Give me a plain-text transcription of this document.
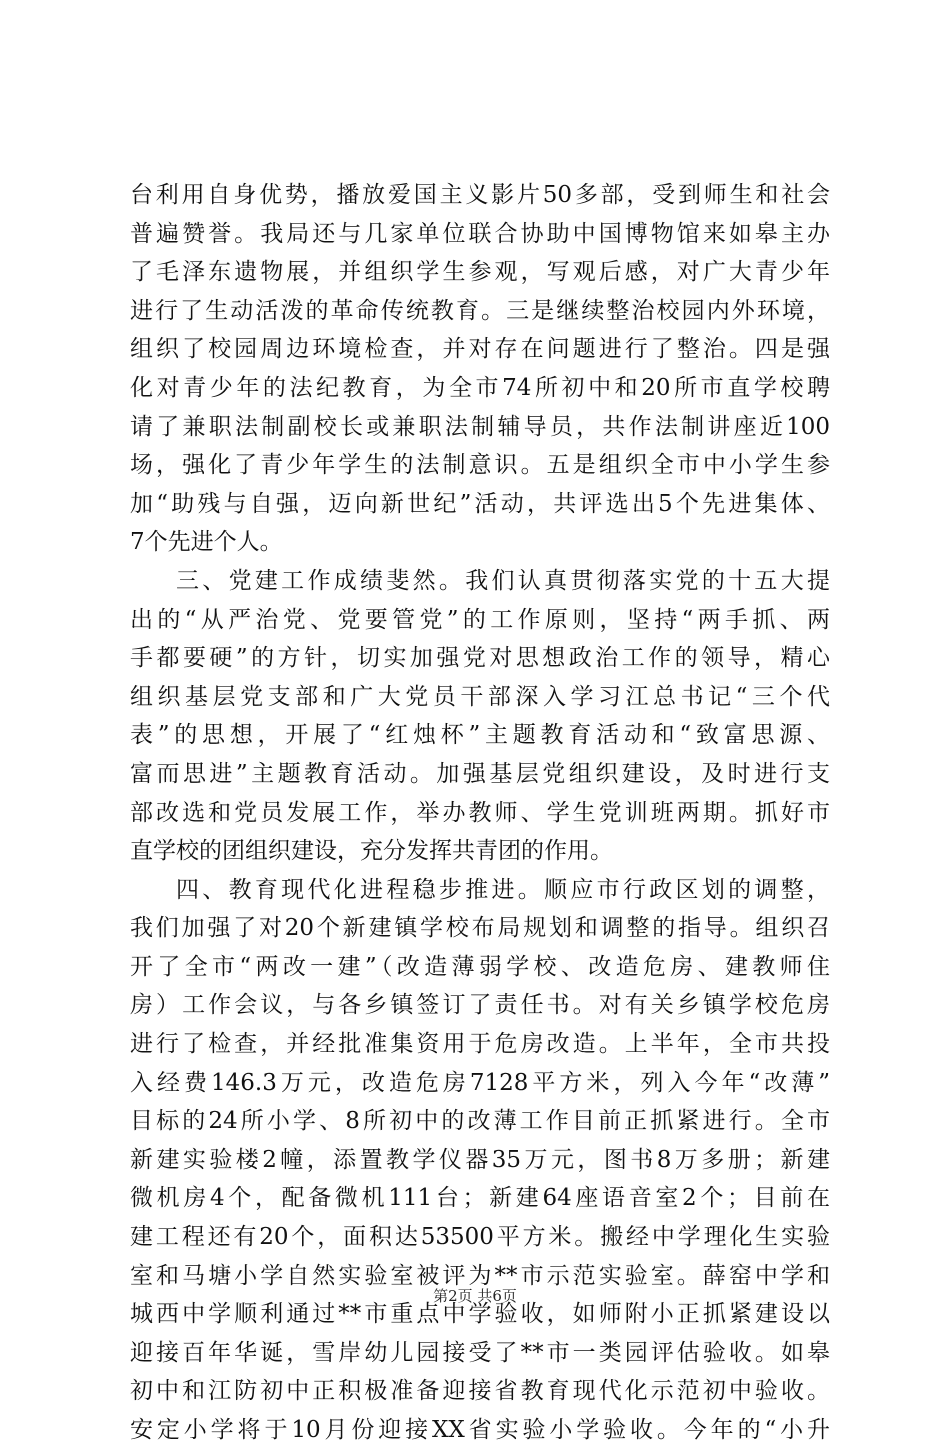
台利用自身优势，播放爱国主义影片50多部，受到师生和社会
普遍赞誉。我局还与几家单位联合协助中国博物馆来如皋主办
了毛泽东遗物展，并组织学生参观，写观后感，对广大青少年
进行了生动活泼的革命传统教育。三是继续整治校园内外环境，
组织了校园周边环境检查，并对存在问题进行了整治。四是强
化对青少年的法纪教育，为全市74所初中和20所市直学校聘
请了兼职法制副校长或兼职法制辅导员，共作法制讲座近100
场，强化了青少年学生的法制意识。五是组织全市中小学生参
加“助残与自强，迈向新世纪”活动，共评选出5个先进集体、
7个先进个人。
三、党建工作成绩斐然。我们认真贯彻落实党的十五大提
出的“从严治党、党要管党”的工作原则，坚持“两手抓、两
手都要硬”的方针，切实加强党对思想政治工作的领导，精心
组织基层党支部和广大党员干部深入学习江总书记“三个代
表”的思想，开展了“红烛杯”主题教育活动和“致富思源、
富而思进”主题教育活动。加强基层党组织建设，及时进行支
部改选和党员发展工作，举办教师、学生党训班两期。抓好市
直学校的团组织建设，充分发挥共青团的作用。
四、教育现代化进程稳步推进。顺应市行政区划的调整，
我们加强了对20个新建镇学校布局规划和调整的指导。组织召
开了全市“两改一建”（改造薄弱学校、改造危房、建教师住
房）工作会议，与各乡镇签订了责任书。对有关乡镇学校危房
进行了检查，并经批准集资用于危房改造。上半年，全市共投
入经费146.3万元，改造危房7128平方米，列入今年“改薄”
目标的24所小学、8所初中的改薄工作目前正抓紧进行。全市
新建实验楼2幢，添置教学仪器35万元，图书8万多册；新建
微机房4个，配备微机111台；新建64座语音室2个；目前在
建工程还有20个，面积达53500平方米。搬经中学理化生实验
室和马塘小学自然实验室被评为**市示范实验室。薛窑中学和
城西中学顺利通过**市重点中学验收，如师附小正抓紧建设以
迎接百年华诞，雪岸幼儿园接受了**市一类园评估验收。如皋
初中和江防初中正积极准备迎接省教育现代化示范初中验收。
安定小学将于10月份迎接XX省实验小学验收。今年的“小升
第2页 共6页
